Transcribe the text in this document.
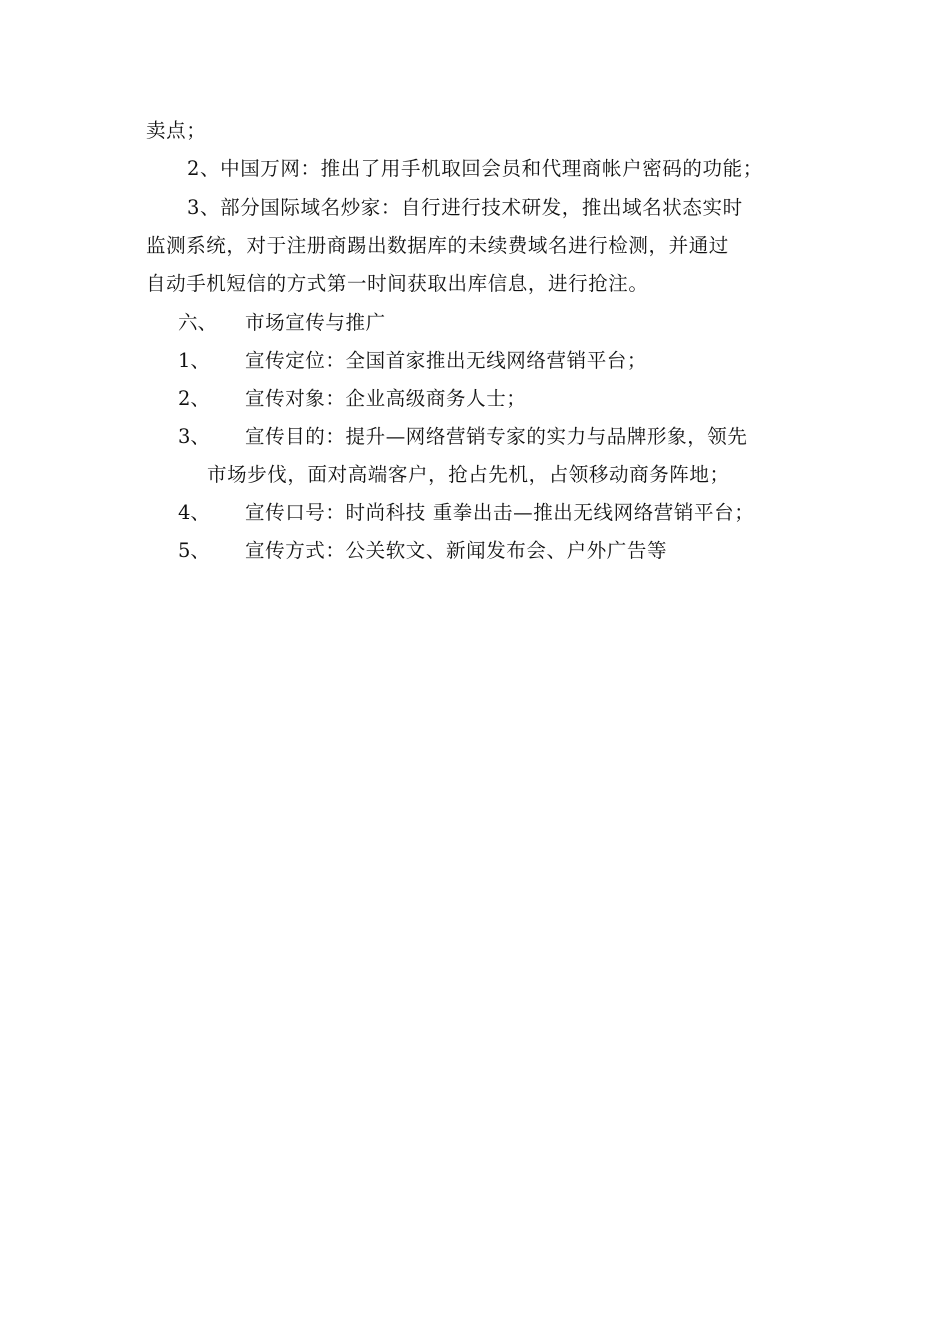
卖点；
2、中国万网：推出了用手机取回会员和代理商帐户密码的功能；
3、部分国际域名炒家：自行进行技术研发，推出域名状态实时
监测系统，对于注册商踢出数据库的未续费域名进行检测，并通过
自动手机短信的方式第一时间获取出库信息，进行抢注。
六、 市场宣传与推广
1、 宣传定位：全国首家推出无线网络营销平台；
2、 宣传对象：企业高级商务人士；
3、 宣传目的：提升—网络营销专家的实力与品牌形象，领先
市场步伐，面对高端客户，抢占先机，占领移动商务阵地；
4、 宣传口号：时尚科技 重拳出击—推出无线网络营销平台；
5、 宣传方式：公关软文、新闻发布会、户外广告等
